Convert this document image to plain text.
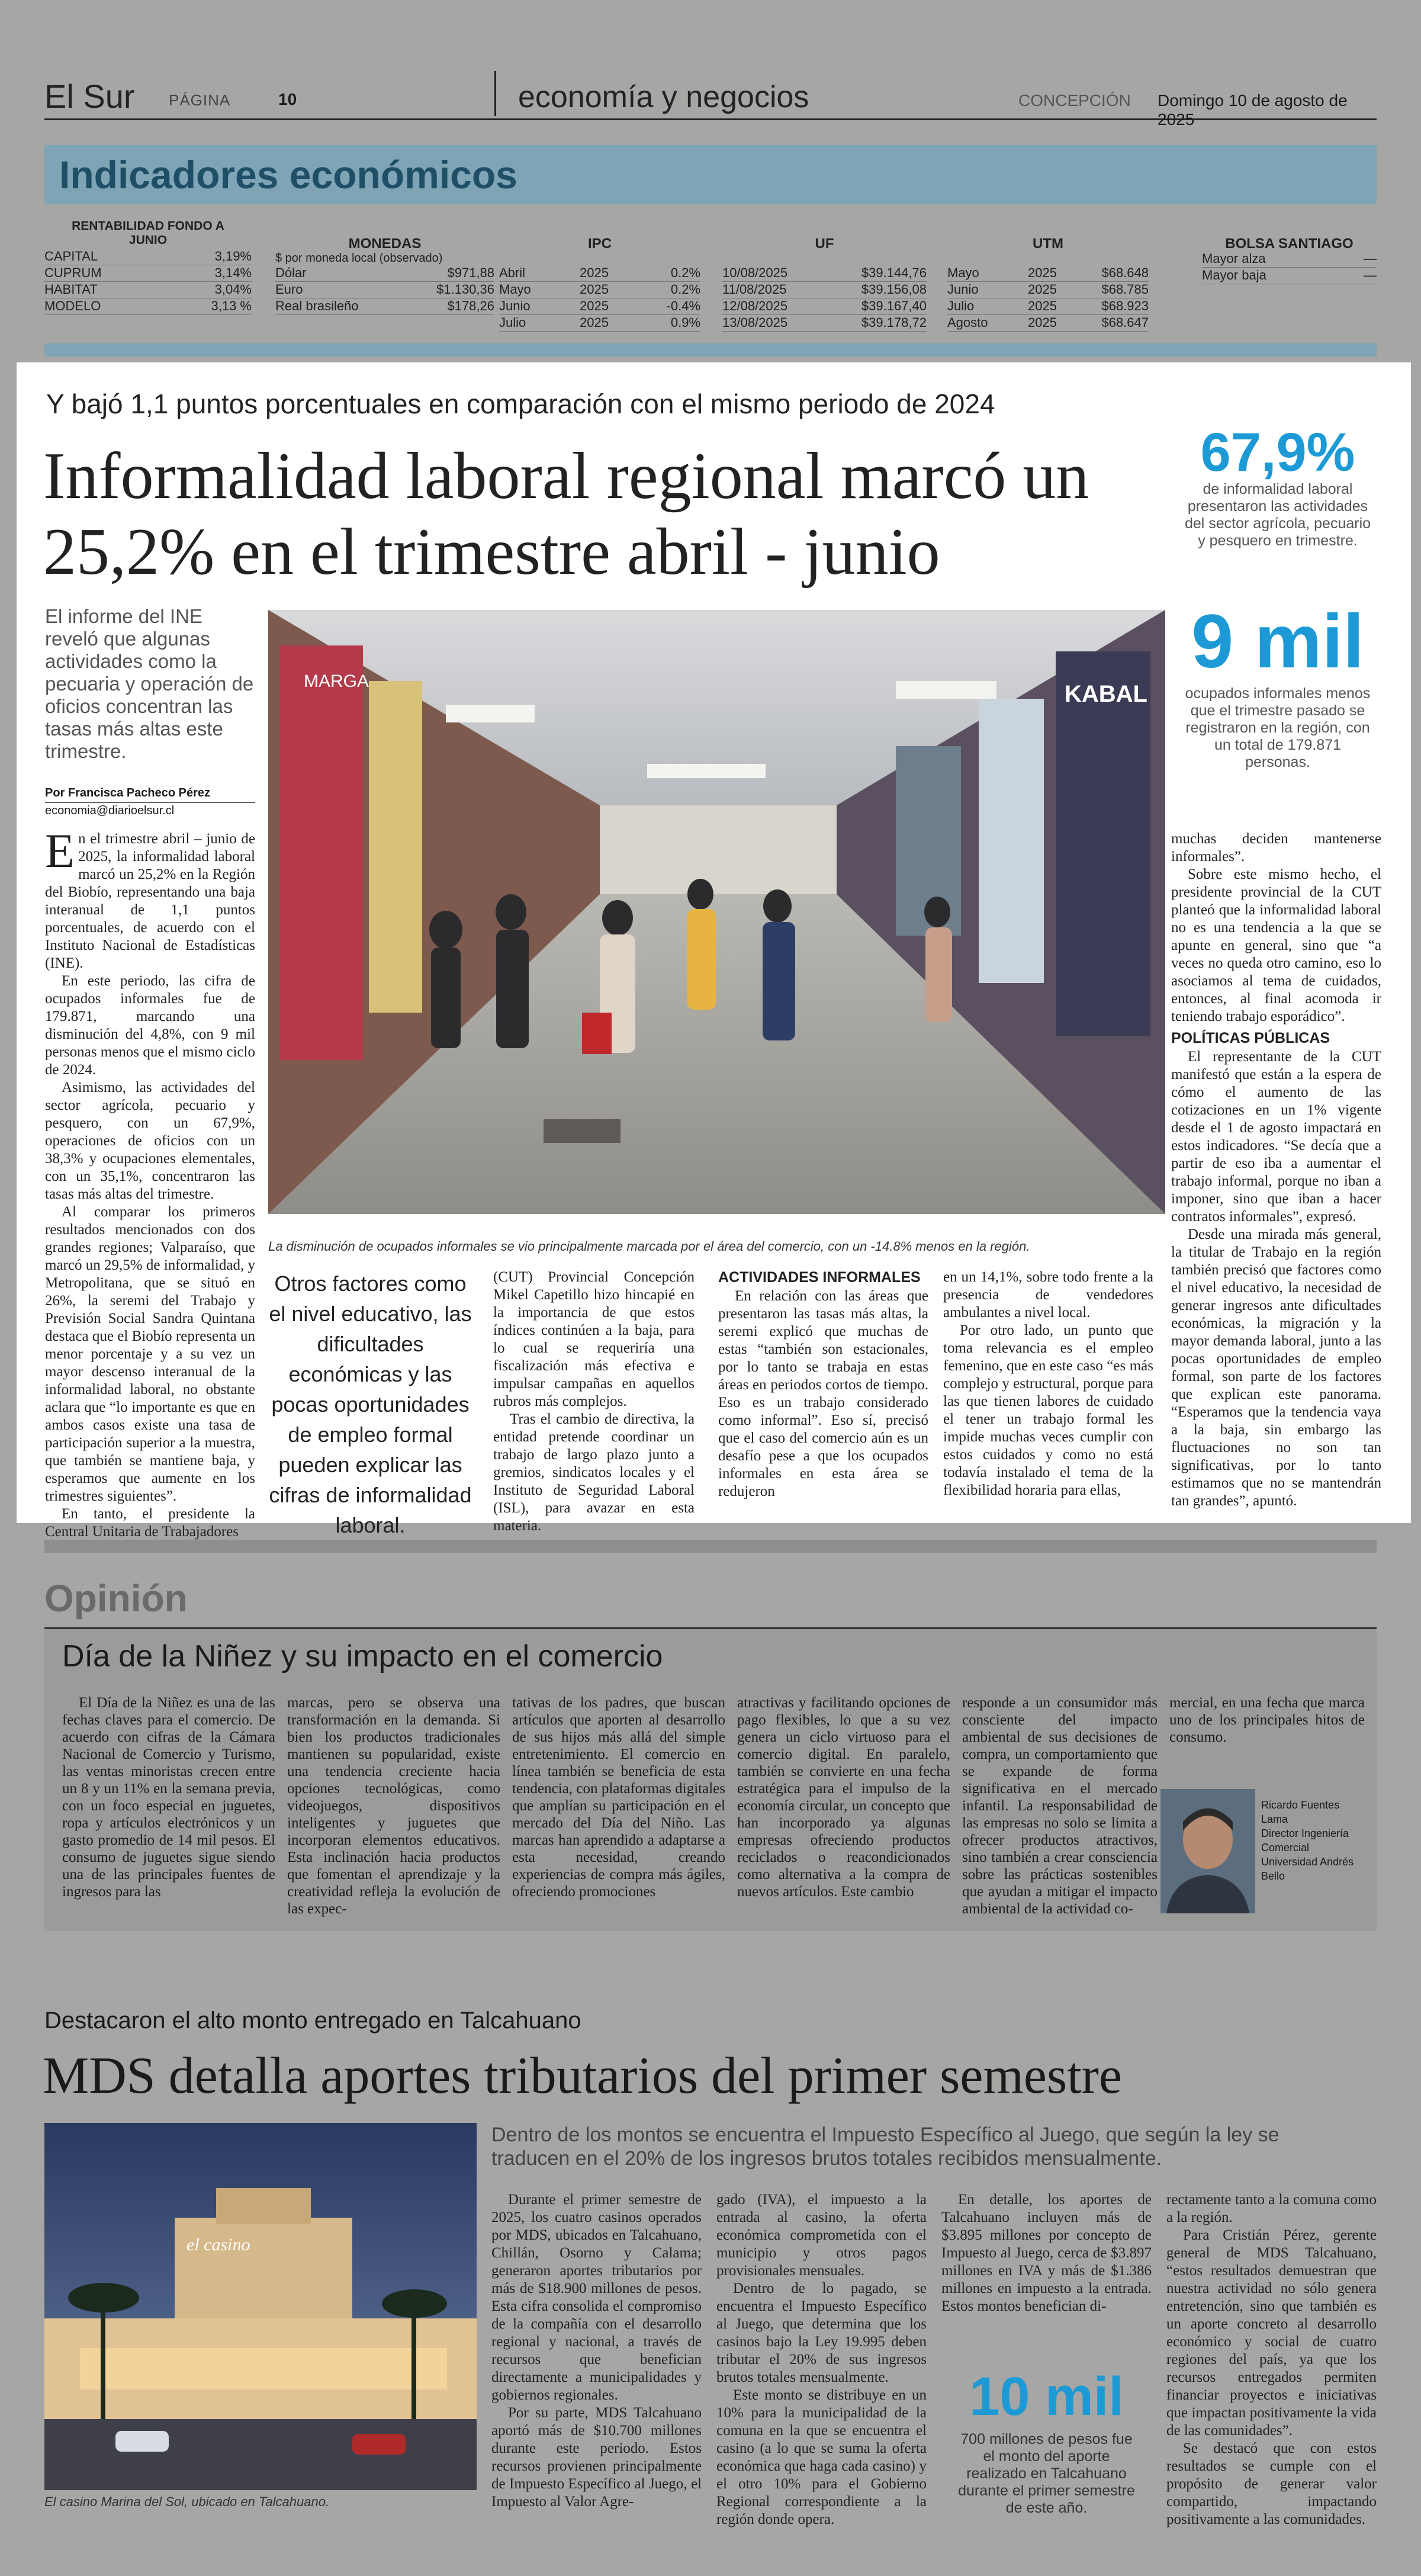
El Sur PÁGINA	10	economía y negocios	CONCEPCIÓN Domingo 10 de agosto de 2025
Indicadores económicos
RENTABILIDAD FONDO A JUNIO
CAPITAL	3,19%
CUPRUM	3,14%
HABITAT	3,04%
MODELO	3,13 %
MONEDAS
$ por moneda local (observado)
Dólar	$971,88
Euro	$1.130,36
Real brasileño	$178,26
IPC
Abril	2025	0.2%
Mayo	2025	0.2%
Junio	2025	-0.4%
Julio	2025	0.9%
UF
10/08/2025	$39.144,76
11/08/2025	$39.156,08
12/08/2025	$39.167,40
13/08/2025	$39.178,72
UTM
Mayo	2025	$68.648
Junio	2025	$68.785
Julio	2025	$68.923
Agosto	2025	$68.647
BOLSA SANTIAGO
Mayor alza	—
Mayor baja	—
Y bajó 1,1 puntos porcentuales en comparación con el mismo periodo de 2024
Informalidad laboral regional marcó un 25,2% en el trimestre abril - junio
67,9%
de informalidad laboral presentaron las actividades del sector agrícola, pecuario y pesquero en trimestre.
9 mil
ocupados informales menos que el trimestre pasado se registraron en la región, con un total de 179.871 personas.
El informe del INE reveló que algunas actividades como la pecuaria y operación de oficios concentran las tasas más altas este trimestre.
Por Francisca Pacheco Pérez
economia@diarioelsur.cl

En el trimestre abril – junio de 2025, la informalidad laboral marcó un 25,2% en la Región del Biobío, representando una baja interanual de 1,1 puntos porcentuales, de acuerdo con el Instituto Nacional de Estadísticas (INE).

En este periodo, las cifra de ocupados informales fue de 179.871, marcando una disminución del 4,8%, con 9 mil personas menos que el mismo ciclo de 2024.

Asimismo, las actividades del sector agrícola, pecuario y pesquero, con un 67,9%, operaciones de oficios con un 38,3% y ocupaciones elementales, con un 35,1%, concentraron las tasas más altas del trimestre.

Al comparar los primeros resultados mencionados con dos grandes regiones; Valparaíso, que marcó un 29,5% de informalidad, y Metropolitana, que se situó en 26%, la seremi del Trabajo y Previsión Social Sandra Quintana destaca que el Biobío representa un menor porcentaje y a su vez un mayor descenso interanual de la informalidad laboral, no obstante aclara que “lo importante es que en ambos casos existe una tasa de participación superior a la muestra, que también se mantiene baja, y esperamos que aumente en los trimestres siguientes”.

En tanto, el presidente la Central Unitaria de Trabajadores

MARGA	KABAL
La disminución de ocupados informales se vio principalmente marcada por el área del comercio, con un -14.8% menos en la región.
Otros factores como el nivel educativo, las dificultades económicas y las pocas oportunidades de empleo formal pueden explicar las cifras de informalidad laboral.

(CUT) Provincial Concepción Mikel Capetillo hizo hincapié en la importancia de que estos índices continúen a la baja, para lo cual se requeriría una fiscalización más efectiva e impulsar campañas en aquellos rubros más complejos.

Tras el cambio de directiva, la entidad pretende coordinar un trabajo de largo plazo junto a gremios, sindicatos locales y el Instituto de Seguridad Laboral (ISL), para avazar en esta materia.

ACTIVIDADES INFORMALES

En relación con las áreas que presentaron las tasas más altas, la seremi explicó que muchas de estas “también son estacionales, por lo tanto se trabaja en estas áreas en periodos cortos de tiempo. Eso es un trabajo considerado como informal”. Eso sí, precisó que el caso del comercio aún es un desafío pese a que los ocupados informales en esta área se redujeron

en un 14,1%, sobre todo frente a la presencia de vendedores ambulantes a nivel local.

Por otro lado, un punto que toma relevancia es el empleo femenino, que en este caso “es más complejo y estructural, porque para las que tienen labores de cuidado el tener un trabajo formal les impide muchas veces cumplir con estos cuidados y como no está todavía instalado el tema de la flexibilidad horaria para ellas,

muchas deciden mantenerse informales”.

Sobre este mismo hecho, el presidente provincial de la CUT planteó que la informalidad laboral no es una tendencia a la que se apunte en general, sino que “a veces no queda otro camino, eso lo asociamos al tema de cuidados, entonces, al final acomoda ir teniendo trabajo esporádico”.

POLÍTICAS PÚBLICAS

El representante de la CUT manifestó que están a la espera de cómo el aumento de las cotizaciones en un 1% vigente desde el 1 de agosto impactará en estos indicadores. “Se decía que a partir de eso iba a aumentar el trabajo informal, porque no iban a imponer, sino que iban a hacer contratos informales”, expresó.

Desde una mirada más general, la titular de Trabajo en la región también precisó que factores como el nivel educativo, la necesidad de generar ingresos ante dificultades económicas, la migración y la mayor demanda laboral, junto a las pocas oportunidades de empleo formal, son parte de los factores que explican este panorama. “Esperamos que la tendencia vaya a la baja, sin embargo las fluctuaciones no son tan significativas, por lo tanto estimamos que no se mantendrán tan grandes”, apuntó.

Opinión
Día de la Niñez y su impacto en el comercio

El Día de la Niñez es una de las fechas claves para el comercio. De acuerdo con cifras de la Cámara Nacional de Comercio y Turismo, las ventas minoristas crecen entre un 8 y un 11% en la semana previa, con un foco especial en juguetes, ropa y artículos electrónicos y un gasto promedio de 14 mil pesos. El consumo de juguetes sigue siendo una de las principales fuentes de ingresos para las

marcas, pero se observa una transformación en la demanda. Si bien los productos tradicionales mantienen su popularidad, existe una tendencia creciente hacia opciones tecnológicas, como videojuegos, dispositivos inteligentes y juguetes que incorporan elementos educativos. Esta inclinación hacia productos que fomentan el aprendizaje y la creatividad refleja la evolución de las expec-

tativas de los padres, que buscan artículos que aporten al desarrollo de sus hijos más allá del simple entretenimiento. El comercio en línea también se beneficia de esta tendencia, con plataformas digitales que amplían su participación en el mercado del Día del Niño. Las marcas han aprendido a adaptarse a esta necesidad, creando experiencias de compra más ágiles, ofreciendo promociones

atractivas y facilitando opciones de pago flexibles, lo que a su vez genera un ciclo virtuoso para el comercio digital. En paralelo, también se convierte en una fecha estratégica para el impulso de la economía circular, un concepto que han incorporado ya algunas empresas ofreciendo productos reciclados o reacondicionados como alternativa a la compra de nuevos artículos. Este cambio

responde a un consumidor más consciente del impacto ambiental de sus decisiones de compra, un comportamiento que se expande de forma significativa en el mercado infantil. La responsabilidad de las empresas no solo se limita a ofrecer productos atractivos, sino también a crear consciencia sobre las prácticas sostenibles que ayudan a mitigar el impacto ambiental de la actividad co-

mercial, en una fecha que marca uno de los principales hitos de consumo.

Ricardo Fuentes
Lama
Director Ingeniería
Comercial
Universidad Andrés
Bello
Destacaron el alto monto entregado en Talcahuano
MDS detalla aportes tributarios del primer semestre
Dentro de los montos se encuentra el Impuesto Específico al Juego, que según la ley se traducen en el 20% de los ingresos brutos totales recibidos mensualmente.
el casino
El casino Marina del Sol, ubicado en Talcahuano.

Durante el primer semestre de 2025, los cuatro casinos operados por MDS, ubicados en Talcahuano, Chillán, Osorno y Calama; generaron aportes tributarios por más de $18.900 millones de pesos. Esta cifra consolida el compromiso de la compañía con el desarrollo regional y nacional, a través de recursos que benefician directamente a municipalidades y gobiernos regionales.

Por su parte, MDS Talcahuano aportó más de $10.700 millones durante este periodo. Estos recursos provienen principalmente de Impuesto Específico al Juego, el Impuesto al Valor Agre-

gado (IVA), el impuesto a la entrada al casino, la oferta económica comprometida con el municipio y otros pagos provisionales mensuales.

Dentro de lo pagado, se encuentra el Impuesto Específico al Juego, que determina que los casinos bajo la Ley 19.995 deben tributar el 20% de sus ingresos brutos totales mensualmente.

Este monto se distribuye en un 10% para la municipalidad de la comuna en la que se encuentra el casino (a lo que se suma la oferta económica que haga cada casino) y el otro 10% para el Gobierno Regional correspondiente a la región donde opera.

En detalle, los aportes de Talcahuano incluyen más de $3.895 millones por concepto de Impuesto al Juego, cerca de $3.897 millones en IVA y más de $1.386 millones en impuesto a la entrada. Estos montos benefician di-

10 mil
700 millones de pesos fue el monto del aporte realizado en Talcahuano durante el primer semestre de este año.

rectamente tanto a la comuna como a la región.

Para Cristián Pérez, gerente general de MDS Talcahuano, “estos resultados demuestran que nuestra actividad no sólo genera entretención, sino que también es un aporte concreto al desarrollo económico y social de cuatro regiones del país, ya que los recursos entregados permiten financiar proyectos e iniciativas que impactan positivamente la vida de las comunidades”.

Se destacó que con estos resultados se cumple con el propósito de generar valor compartido, impactando positivamente a las comunidades.
